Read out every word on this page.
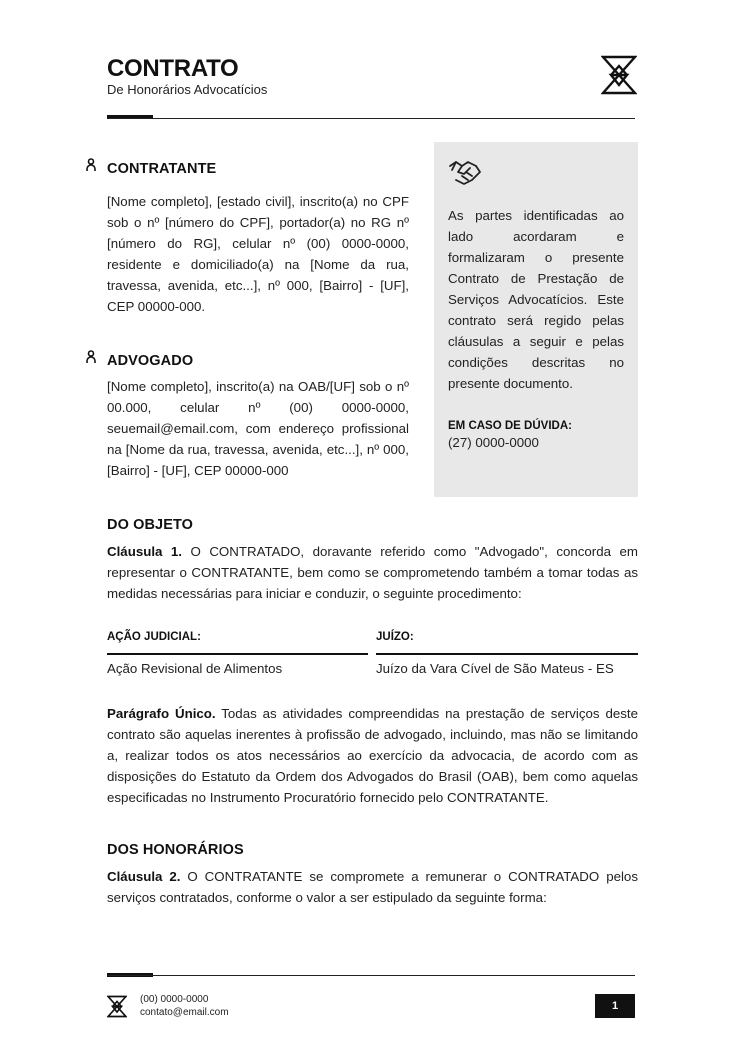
CONTRATO
De Honorários Advocatícios
CONTRATANTE
[Nome completo], [estado civil], inscrito(a) no CPF sob o nº [número do CPF], portador(a) no RG nº [número do RG], celular nº (00) 0000-0000, residente e domiciliado(a) na [Nome da rua, travessa, avenida, etc...], nº 000, [Bairro] - [UF], CEP 00000-000.
ADVOGADO
[Nome completo], inscrito(a) na OAB/[UF] sob o nº 00.000, celular nº (00) 0000-0000, seuemail@email.com, com endereço profissional na [Nome da rua, travessa, avenida, etc...], nº 000, [Bairro] - [UF], CEP 00000-000
As partes identificadas ao lado acordaram e formalizaram o presente Contrato de Prestação de Serviços Advocatícios. Este contrato será regido pelas cláusulas a seguir e pelas condições descritas no presente documento.
EM CASO DE DÚVIDA:
(27) 0000-0000
DO OBJETO
Cláusula 1. O CONTRATADO, doravante referido como "Advogado", concorda em representar o CONTRATANTE, bem como se comprometendo também a tomar todas as medidas necessárias para iniciar e conduzir, o seguinte procedimento:
AÇÃO JUDICIAL:
Ação Revisional de Alimentos
JUÍZO:
Juízo da Vara Cível de São Mateus - ES
Parágrafo Único. Todas as atividades compreendidas na prestação de serviços deste contrato são aquelas inerentes à profissão de advogado, incluindo, mas não se limitando a, realizar todos os atos necessários ao exercício da advocacia, de acordo com as disposições do Estatuto da Ordem dos Advogados do Brasil (OAB), bem como aquelas especificadas no Instrumento Procuratório fornecido pelo CONTRATANTE.
DOS HONORÁRIOS
Cláusula 2. O CONTRATANTE se compromete a remunerar o CONTRATADO pelos serviços contratados, conforme o valor a ser estipulado da seguinte forma:
(00) 0000-0000
contato@email.com
1
